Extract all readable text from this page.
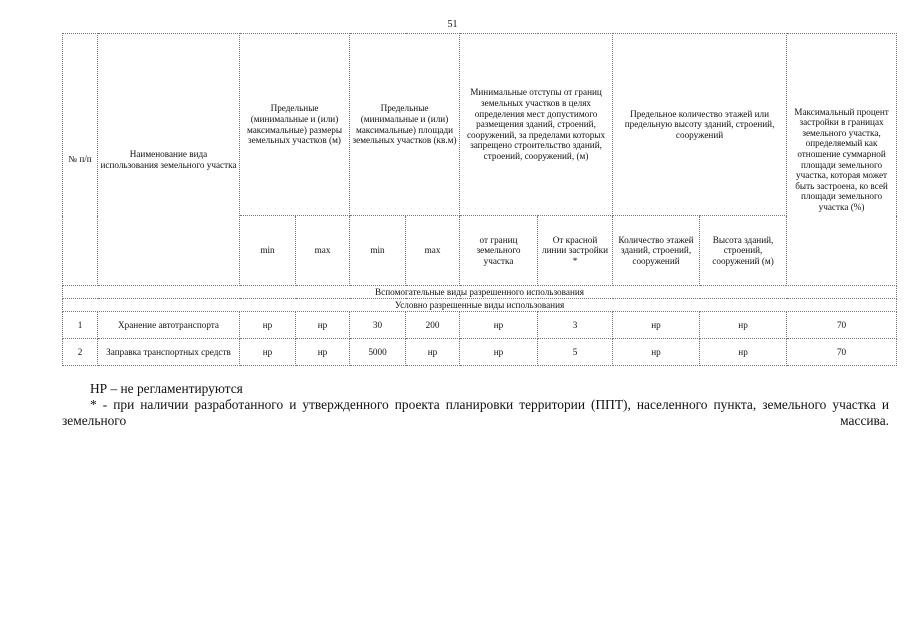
51
№ п/п	Наименование вида использования земельного участка	Предельные (минимальные и (или) максимальные) размеры земельных участков (м)		Предельные (минимальные и (или) максимальные) площади земельных участков (кв.м)		Минимальные отступы от границ земельных участков в целях определения мест допустимого размещения зданий, строений, сооружений, за пределами которых запрещено строительство зданий, строений, сооружений, (м)		Предельное количество этажей или предельную высоту зданий, строений, сооружений		Максимальный процент застройки в границах земельного участка, определяемый как отношение суммарной площади земельного участка, которая может быть застроена, ко всей площади земельного участка (%)
		min	max	min	max	от границ земельного участка	От красной линии застройки *	Количество этажей зданий, строений, сооружений	Высота зданий, строений, сооружений (м)	
Вспомогательные виды разрешенного использования										
Условно разрешенные виды использования										
1	Хранение автотранспорта	нр	нр	30	200	нр	3	нр	нр	70
2	Заправка транспортных средств	нр	нр	5000	нр	нр	5	нр	нр	70
НР – не регламентируются
* - при наличии разработанного и утвержденного проекта планировки территории (ППТ), населенного пункта, земельного участка и земельного массива.
